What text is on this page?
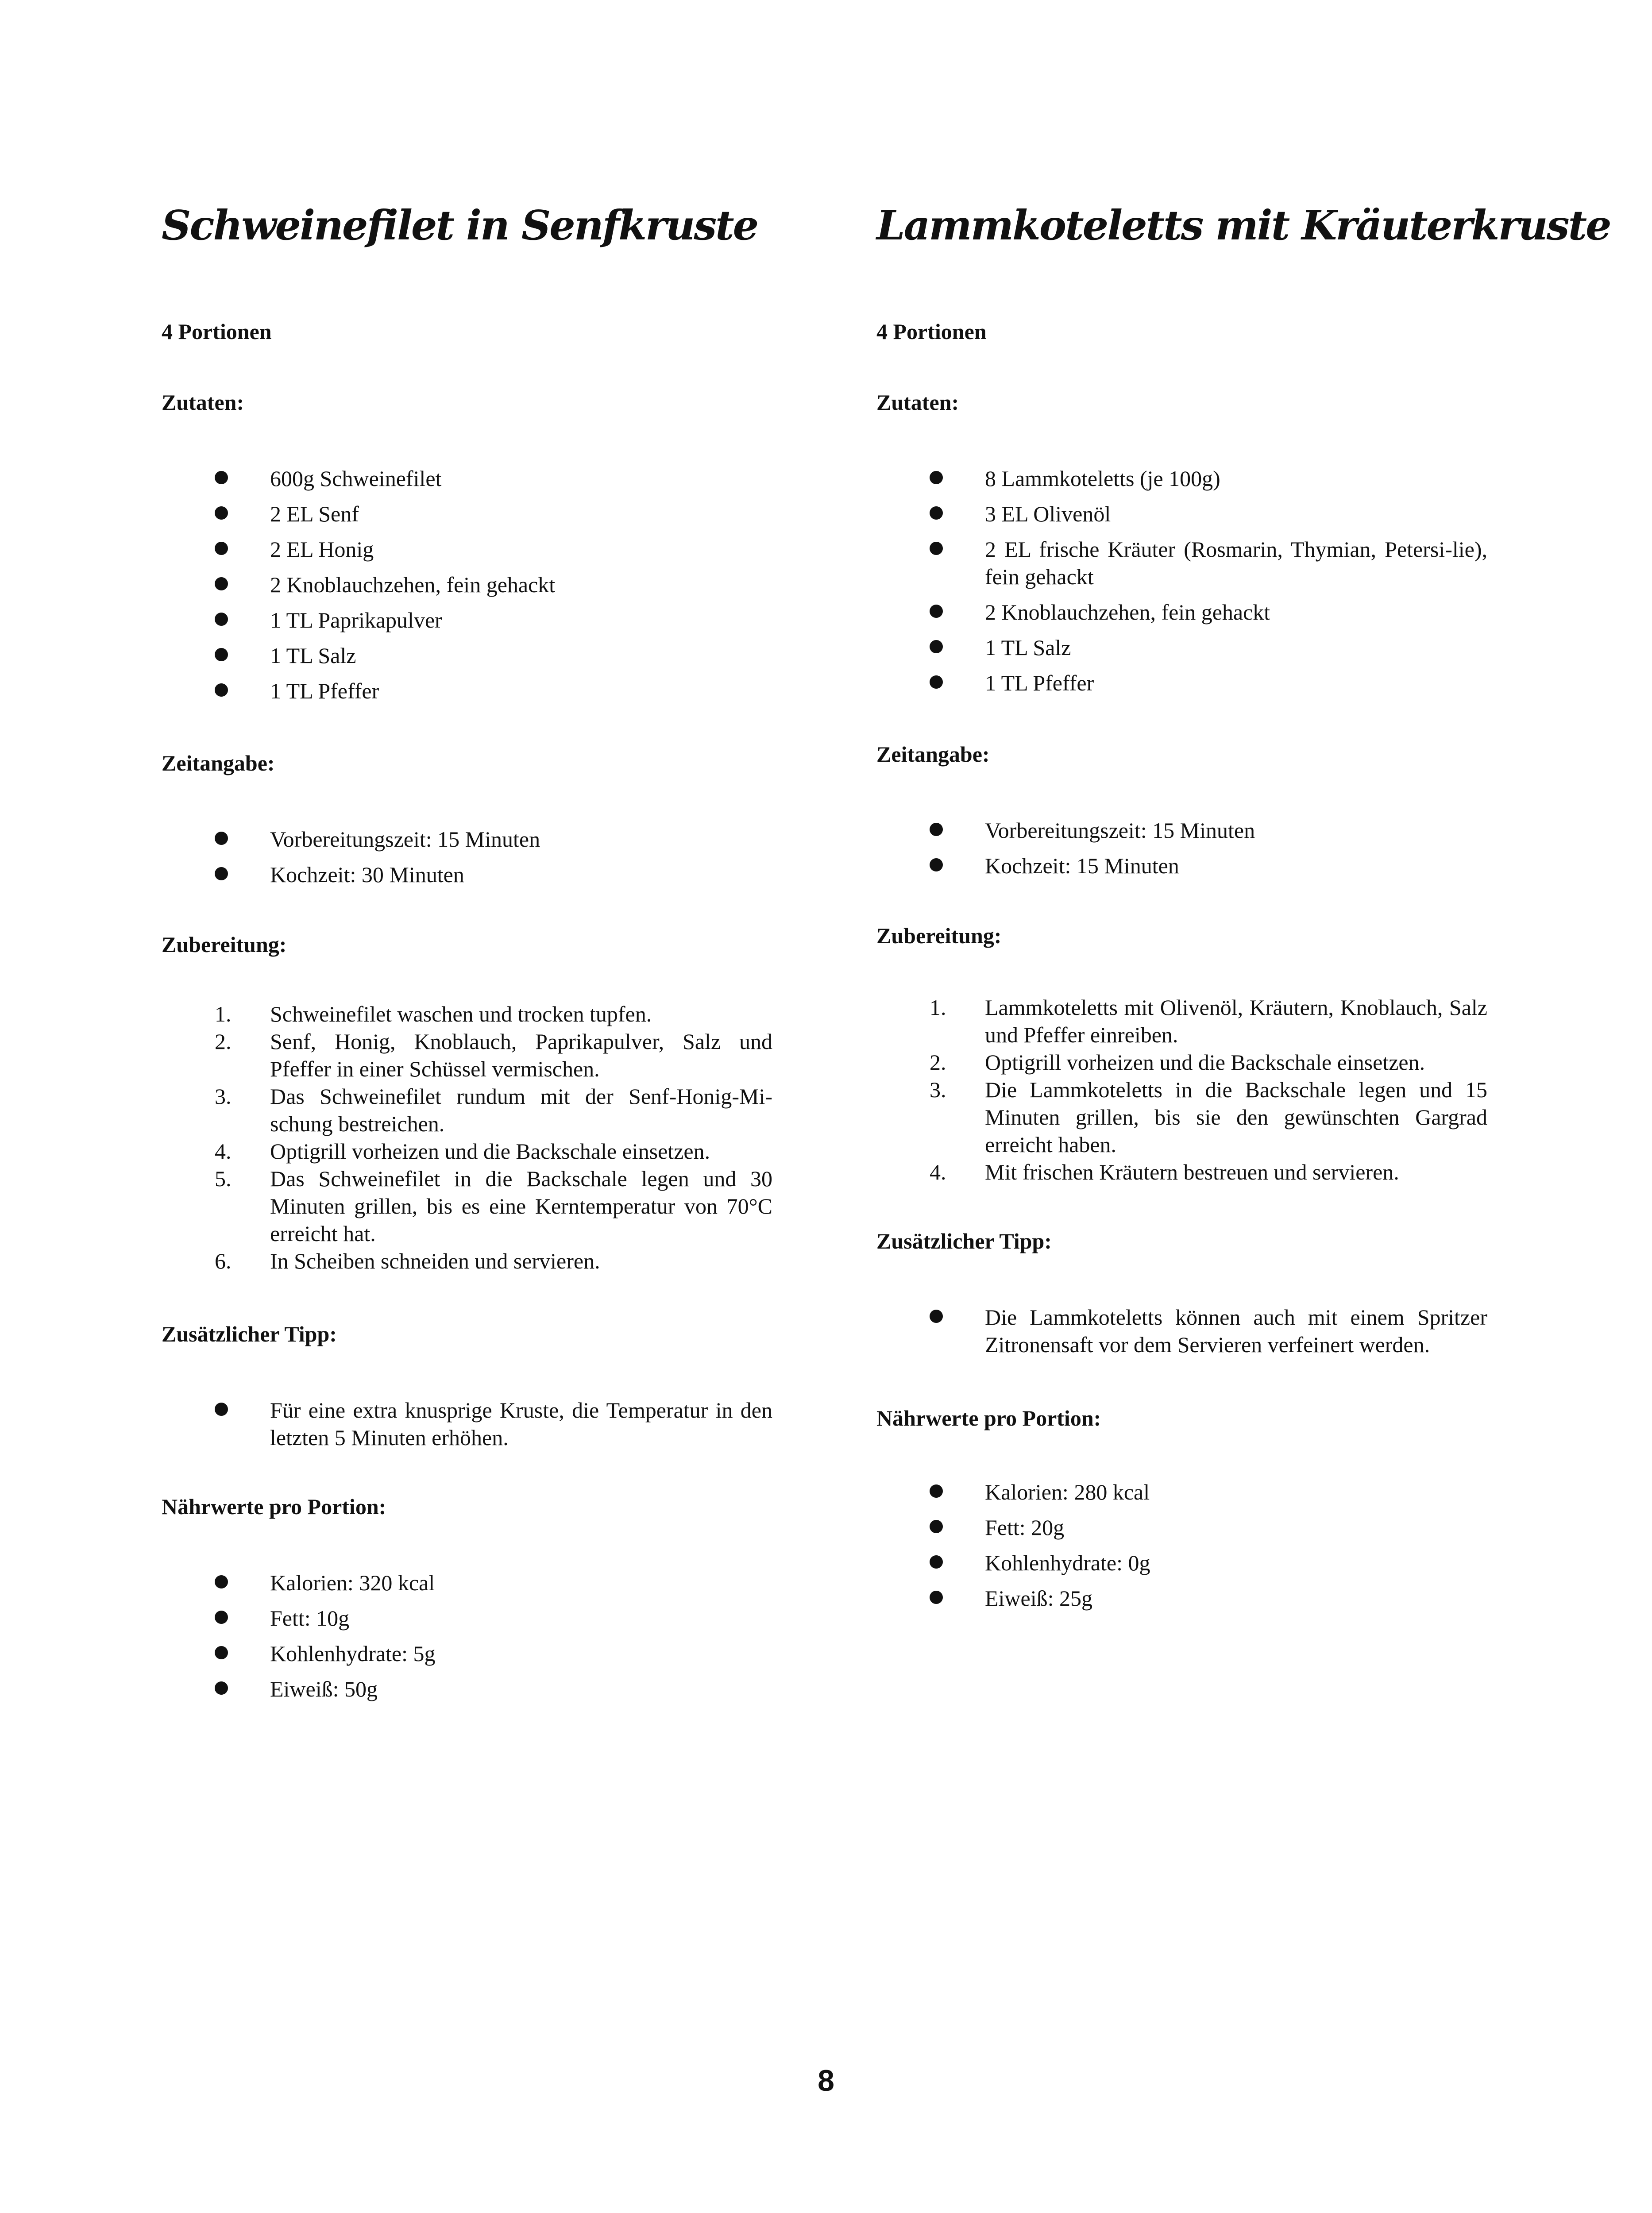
Schweinefilet in Senfkruste

4 Portionen

Zutaten:

600g Schweinefilet
2 EL Senf
2 EL Honig
2 Knoblauchzehen, fein gehackt
1 TL Paprikapulver
1 TL Salz
1 TL Pfeffer

Zeitangabe:

Vorbereitungszeit: 15 Minuten
Kochzeit: 30 Minuten

Zubereitung:

1. Schweinefilet waschen und trocken tupfen.
2. Senf, Honig, Knoblauch, Paprikapulver, Salz und Pfeffer in einer Schüssel vermischen.
3. Das Schweinefilet rundum mit der Senf-Honig-Mi-schung bestreichen.
4. Optigrill vorheizen und die Backschale einsetzen.
5. Das Schweinefilet in die Backschale legen und 30 Minuten grillen, bis es eine Kerntemperatur von 70°C erreicht hat.
6. In Scheiben schneiden und servieren.

Zusätzlicher Tipp:

Für eine extra knusprige Kruste, die Temperatur in den letzten 5 Minuten erhöhen.

Nährwerte pro Portion:

Kalorien: 320 kcal
Fett: 10g
Kohlenhydrate: 5g
Eiweiß: 50g
Lammkoteletts mit Kräuterkruste

4 Portionen

Zutaten:

8 Lammkoteletts (je 100g)
3 EL Olivenöl
2 EL frische Kräuter (Rosmarin, Thymian, Petersi-lie), fein gehackt
2 Knoblauchzehen, fein gehackt
1 TL Salz
1 TL Pfeffer

Zeitangabe:

Vorbereitungszeit: 15 Minuten
Kochzeit: 15 Minuten

Zubereitung:

1. Lammkoteletts mit Olivenöl, Kräutern, Knoblauch, Salz und Pfeffer einreiben.
2. Optigrill vorheizen und die Backschale einsetzen.
3. Die Lammkoteletts in die Backschale legen und 15 Minuten grillen, bis sie den gewünschten Gargrad erreicht haben.
4. Mit frischen Kräutern bestreuen und servieren.

Zusätzlicher Tipp:

Die Lammkoteletts können auch mit einem Spritzer Zitronensaft vor dem Servieren verfeinert werden.

Nährwerte pro Portion:

Kalorien: 280 kcal
Fett: 20g
Kohlenhydrate: 0g
Eiweiß: 25g
8
